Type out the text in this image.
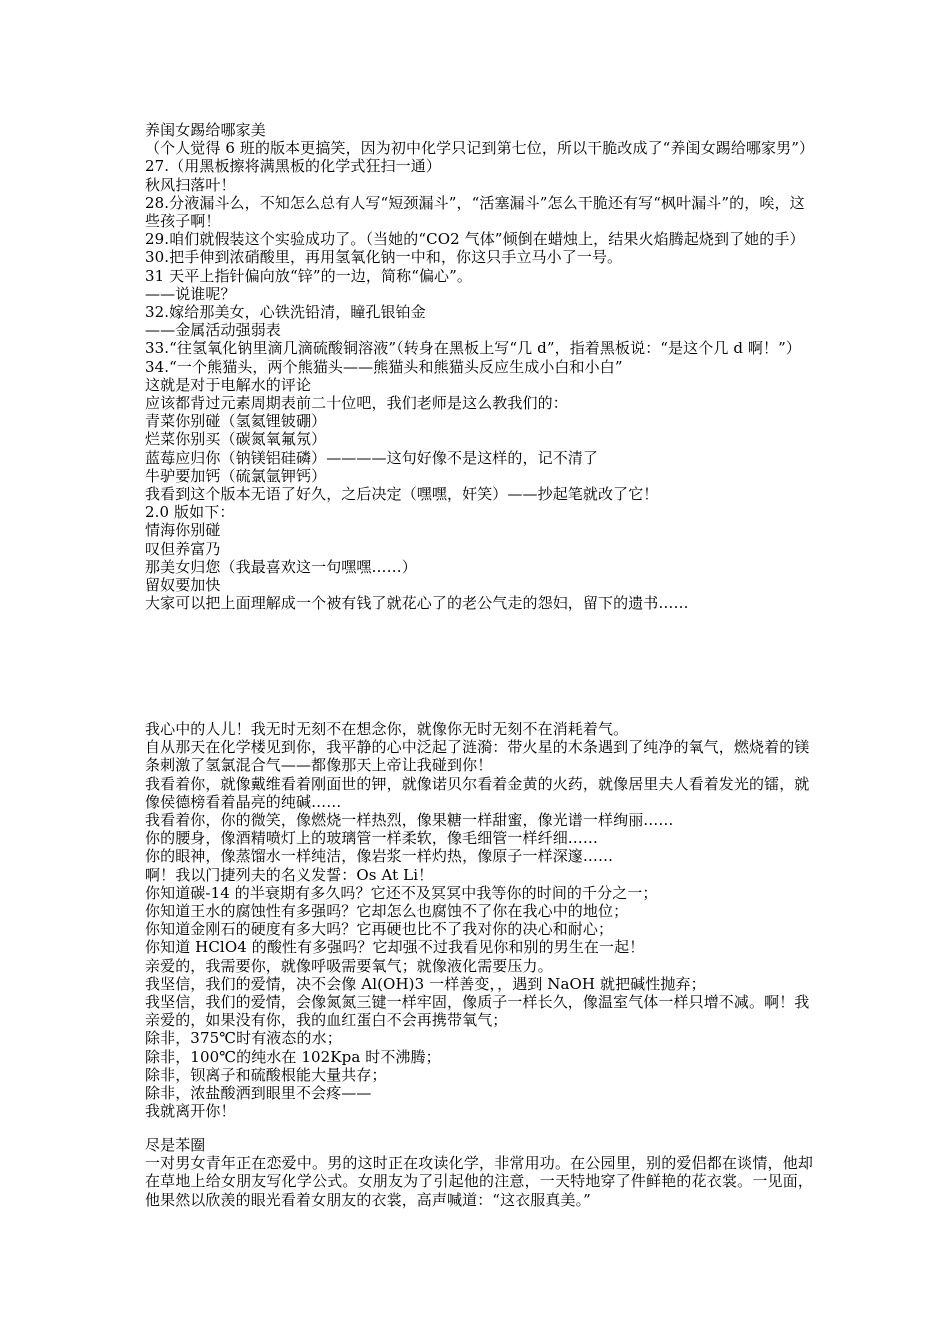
养闺女踢给哪家美

（个人觉得 6 班的版本更搞笑，因为初中化学只记到第七位，所以干脆改成了“养闺女踢给哪家男”）

27.（用黑板擦将满黑板的化学式狂扫一通）

秋风扫落叶！

28.分液漏斗么，不知怎么总有人写“短颈漏斗”，“活塞漏斗”怎么干脆还有写“枫叶漏斗”的，唉，这些孩子啊！

29.咱们就假装这个实验成功了。（当她的“CO2 气体”倾倒在蜡烛上，结果火焰腾起烧到了她的手）

30.把手伸到浓硝酸里，再用氢氧化钠一中和，你这只手立马小了一号。

31 天平上指针偏向放“锌”的一边，简称“偏心”。

——说谁呢？

32.嫁给那美女，心铁洗铅清，瞳孔银铂金

——金属活动强弱表

33.“往氢氧化钠里滴几滴硫酸铜溶液”（转身在黑板上写“几 d”，指着黑板说：“是这个几 d 啊！”）

34.“一个熊猫头，两个熊猫头——熊猫头和熊猫头反应生成小白和小白”

这就是对于电解水的评论

应该都背过元素周期表前二十位吧，我们老师是这么教我们的：

青菜你别碰（氢氦锂铍硼）

烂菜你别买（碳氮氧氟氖）

蓝莓应归你（钠镁铝硅磷）————这句好像不是这样的，记不清了

牛驴要加钙（硫氯氩钾钙）

我看到这个版本无语了好久，之后决定（嘿嘿，奸笑）——抄起笔就改了它！

2.0 版如下：

情海你别碰

叹但养富乃

那美女归您（我最喜欢这一句嘿嘿……）

留奴要加快

大家可以把上面理解成一个被有钱了就花心了的老公气走的怨妇，留下的遗书……

我心中的人儿！我无时无刻不在想念你，就像你无时无刻不在消耗着气。

自从那天在化学楼见到你，我平静的心中泛起了涟漪：带火星的木条遇到了纯净的氧气，燃烧着的镁条刺激了氢氯混合气——都像那天上帝让我碰到你！

我看着你，就像戴维看着刚面世的钾，就像诺贝尔看着金黄的火药，就像居里夫人看着发光的镭，就像侯德榜看着晶亮的纯碱……

我看着你，你的微笑，像燃烧一样热烈，像果糖一样甜蜜，像光谱一样绚丽……

你的腰身，像酒精喷灯上的玻璃管一样柔软，像毛细管一样纤细……

你的眼神，像蒸馏水一样纯洁，像岩浆一样灼热，像原子一样深邃……

啊！我以门捷列夫的名义发誓：Os At Li！

你知道碳-14 的半衰期有多久吗？它还不及冥冥中我等你的时间的千分之一；

你知道王水的腐蚀性有多强吗？它却怎么也腐蚀不了你在我心中的地位；

你知道金刚石的硬度有多大吗？它再硬也比不了我对你的决心和耐心；

你知道 HClO4 的酸性有多强吗？它却强不过我看见你和别的男生在一起！

亲爱的，我需要你，就像呼吸需要氧气；就像液化需要压力。

我坚信，我们的爱情，决不会像 Al(OH)3 一样善变，，遇到 NaOH 就把碱性抛弃；

我坚信，我们的爱情，会像氮氮三键一样牢固，像质子一样长久，像温室气体一样只增不减。啊！我亲爱的，如果没有你，我的血红蛋白不会再携带氧气；

除非，375℃时有液态的水；

除非，100℃的纯水在 102Kpa 时不沸腾；

除非，钡离子和硫酸根能大量共存；

除非，浓盐酸洒到眼里不会疼——

我就离开你！

尽是苯圈

一对男女青年正在恋爱中。男的这时正在攻读化学，非常用功。在公园里，别的爱侣都在谈情，他却在草地上给女朋友写化学公式。女朋友为了引起他的注意，一天特地穿了件鲜艳的花衣裳。一见面，他果然以欣羡的眼光看着女朋友的衣裳，高声喊道：“这衣服真美。”
